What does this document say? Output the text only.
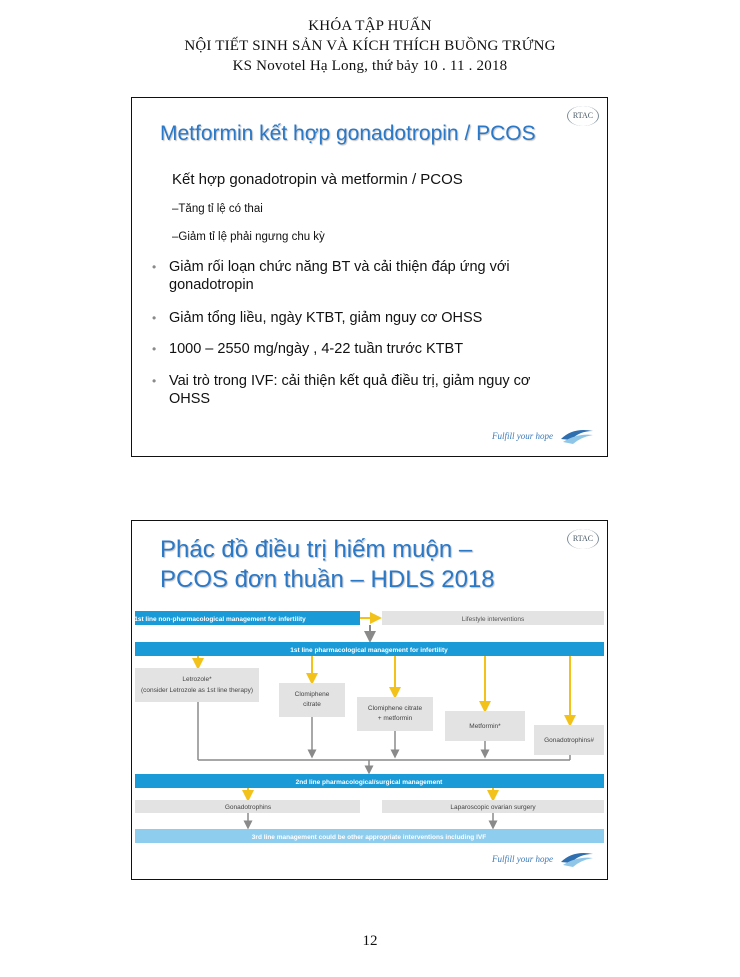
KHÓA TẬP HUẤN
NỘI TIẾT SINH SẢN VÀ KÍCH THÍCH BUỒNG TRỨNG
KS Novotel Hạ Long, thứ bảy 10 . 11 . 2018
RTAC
Metformin kết hợp gonadotropin / PCOS
Kết hợp gonadotropin và metformin / PCOS
–Tăng tỉ lệ có thai
–Giảm tỉ lệ phải ngưng chu kỳ
• Giảm rối loạn chức năng BT và cải thiện đáp ứng với gonadotropin
• Giảm tổng liều, ngày KTBT, giảm nguy cơ OHSS
• 1000 – 2550 mg/ngày , 4-22 tuần trước KTBT
• Vai trò trong IVF: cải thiện kết quả điều trị, giảm nguy cơ OHSS
Fulfill your hope
RTAC
Phác đồ điều trị hiếm muộn –
PCOS đơn thuần – HDLS 2018
1st line non-pharmacological management for infertility	Lifestyle interventions
1st line pharmacological management for infertility
Letrozole*
(consider Letrozole as 1st line therapy)
Clomiphene
citrate
Clomiphene citrate
+ metformin
Metformin*
Gonadotrophins#
2nd line pharmacological/surgical management
Gonadotrophins	Laparoscopic ovarian surgery
3rd line management could be other appropriate interventions including IVF
Fulfill your hope
12
